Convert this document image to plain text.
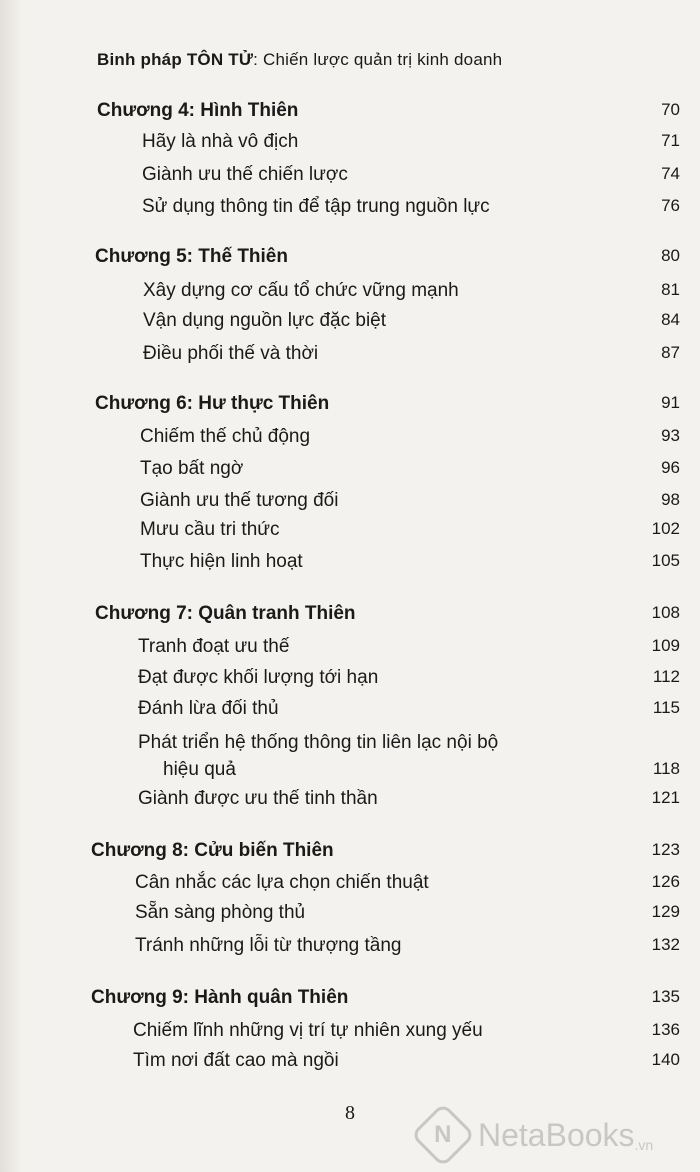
Binh pháp TÔN TỬ: Chiến lược quản trị kinh doanh
Chương 4: Hình Thiên	70
Hãy là nhà vô địch	71
Giành ưu thế chiến lược	74
Sử dụng thông tin để tập trung nguồn lực	76
Chương 5: Thế Thiên	80
Xây dựng cơ cấu tổ chức vững mạnh	81
Vận dụng nguồn lực đặc biệt	84
Điều phối thế và thời	87
Chương 6: Hư thực Thiên	91
Chiếm thế chủ động	93
Tạo bất ngờ	96
Giành ưu thế tương đối	98
Mưu cầu tri thức	102
Thực hiện linh hoạt	105
Chương 7: Quân tranh Thiên	108
Tranh đoạt ưu thế	109
Đạt được khối lượng tới hạn	112
Đánh lừa đối thủ	115
Phát triển hệ thống thông tin liên lạc nội bộ
hiệu quả	118
Giành được ưu thế tinh thần	121
Chương 8: Cửu biến Thiên	123
Cân nhắc các lựa chọn chiến thuật	126
Sẵn sàng phòng thủ	129
Tránh những lỗi từ thượng tầng	132
Chương 9: Hành quân Thiên	135
Chiếm lĩnh những vị trí tự nhiên xung yếu	136
Tìm nơi đất cao mà ngồi	140
8
N NetaBooks .vn
